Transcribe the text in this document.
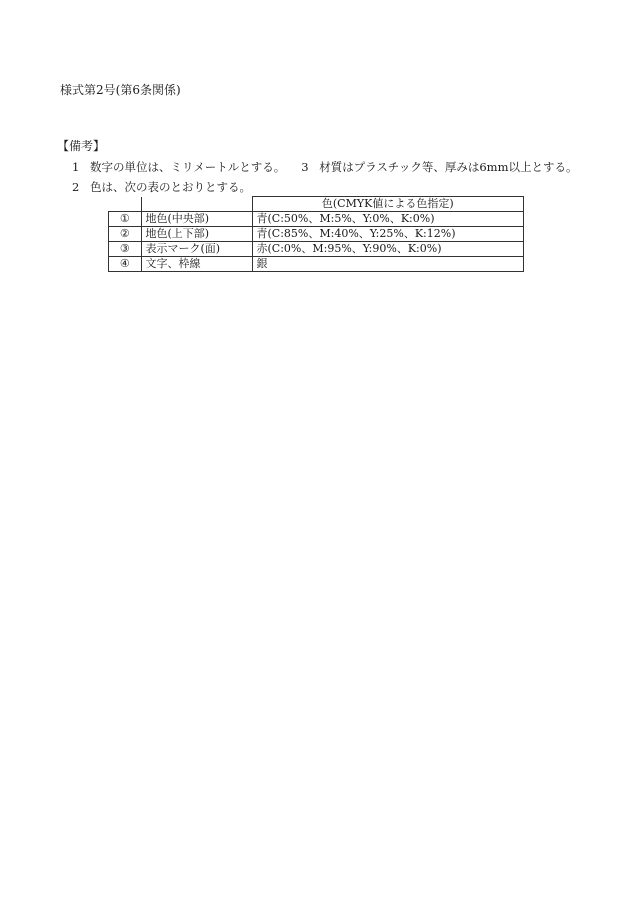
様式第2号(第6条関係)
【備考】
1 数字の単位は、ミリメートルとする。 3 材質はプラスチック等、厚みは6mm以上とする。
2 色は、次の表のとおりとする。
		色(CMYK値による色指定)
①	地色(中央部)	青(C:50%、M:5%、Y:0%、K:0%)
②	地色(上下部)	青(C:85%、M:40%、Y:25%、K:12%)
③	表示マーク(面)	赤(C:0%、M:95%、Y:90%、K:0%)
④	文字、枠線	銀
